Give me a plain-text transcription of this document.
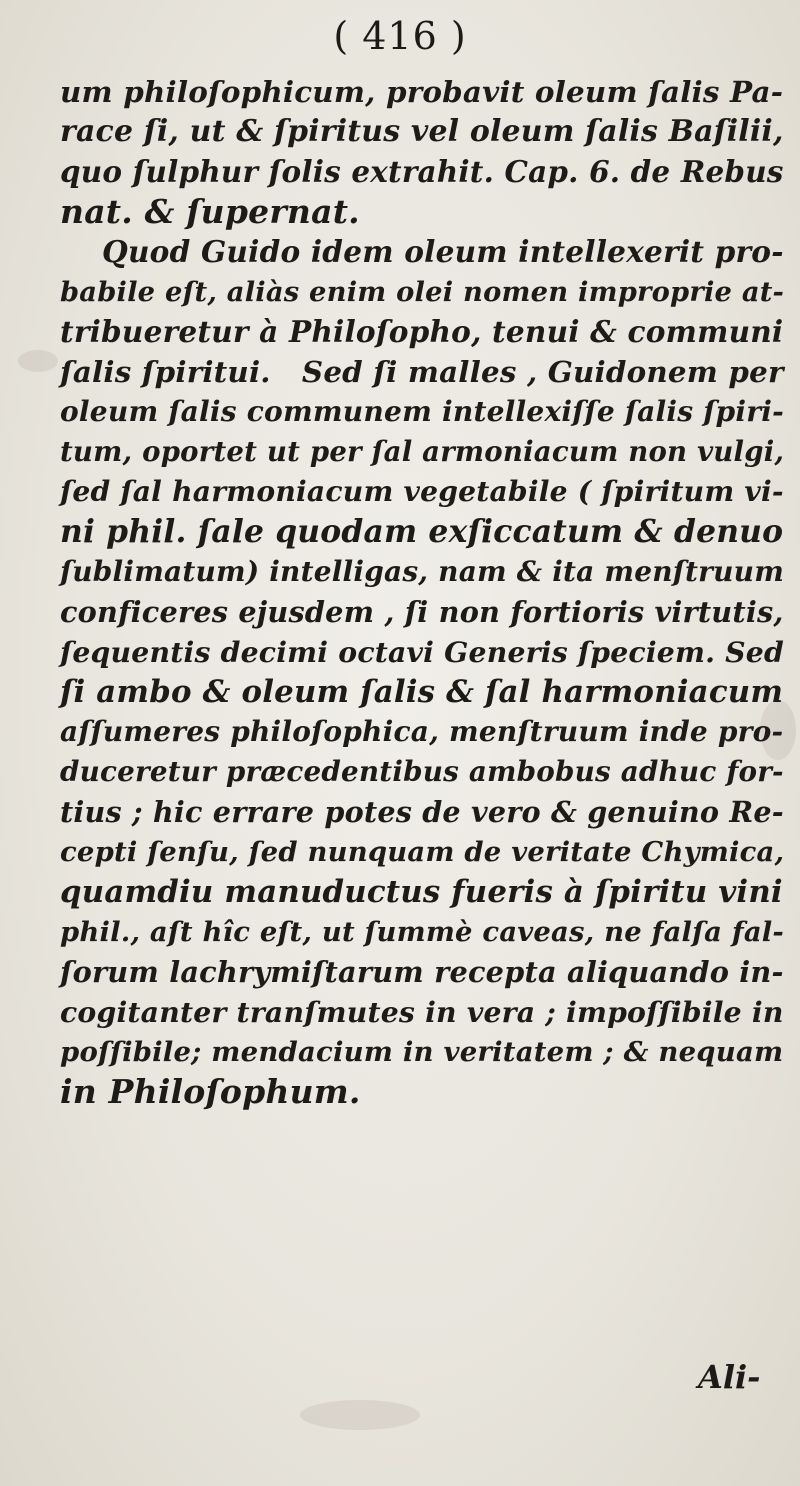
( 416 )
um philoſophicum, probavit oleum ſalis Pa-
race ſi, ut & ſpiritus vel oleum ſalis Baſilii,
quo ſulphur ſolis extrahit. Cap. 6. de Rebus
nat. & ſupernat.
Quod Guido idem oleum intellexerit pro-
babile eſt, aliàs enim olei nomen improprie at-
tribueretur à Philoſopho, tenui & communi
ſalis ſpiritui.   Sed ſi malles , Guidonem per
oleum ſalis communem intellexiſſe ſalis ſpiri-
tum, oportet ut per ſal armoniacum non vulgi,
ſed ſal harmoniacum vegetabile ( ſpiritum vi-
ni phil. ſale quodam exſiccatum & denuo
ſublimatum) intelligas, nam & ita menſtruum
conficeres ejusdem , ſi non fortioris virtutis,
ſequentis decimi octavi Generis ſpeciem. Sed
ſi ambo & oleum ſalis & ſal harmoniacum
aſſumeres philoſophica, menſtruum inde pro-
duceretur præcedentibus ambobus adhuc for-
tius ; hic errare potes de vero & genuino Re-
cepti ſenſu, ſed nunquam de veritate Chymica,
quamdiu manuductus fueris à ſpiritu vini
phil., aſt hîc eſt, ut ſummè caveas, ne falſa fal-
ſorum lachrymiſtarum recepta aliquando in-
cogitanter tranſmutes in vera ; impoſſibile in
poſſibile; mendacium in veritatem ; & nequam
in Philoſophum.
Ali-
